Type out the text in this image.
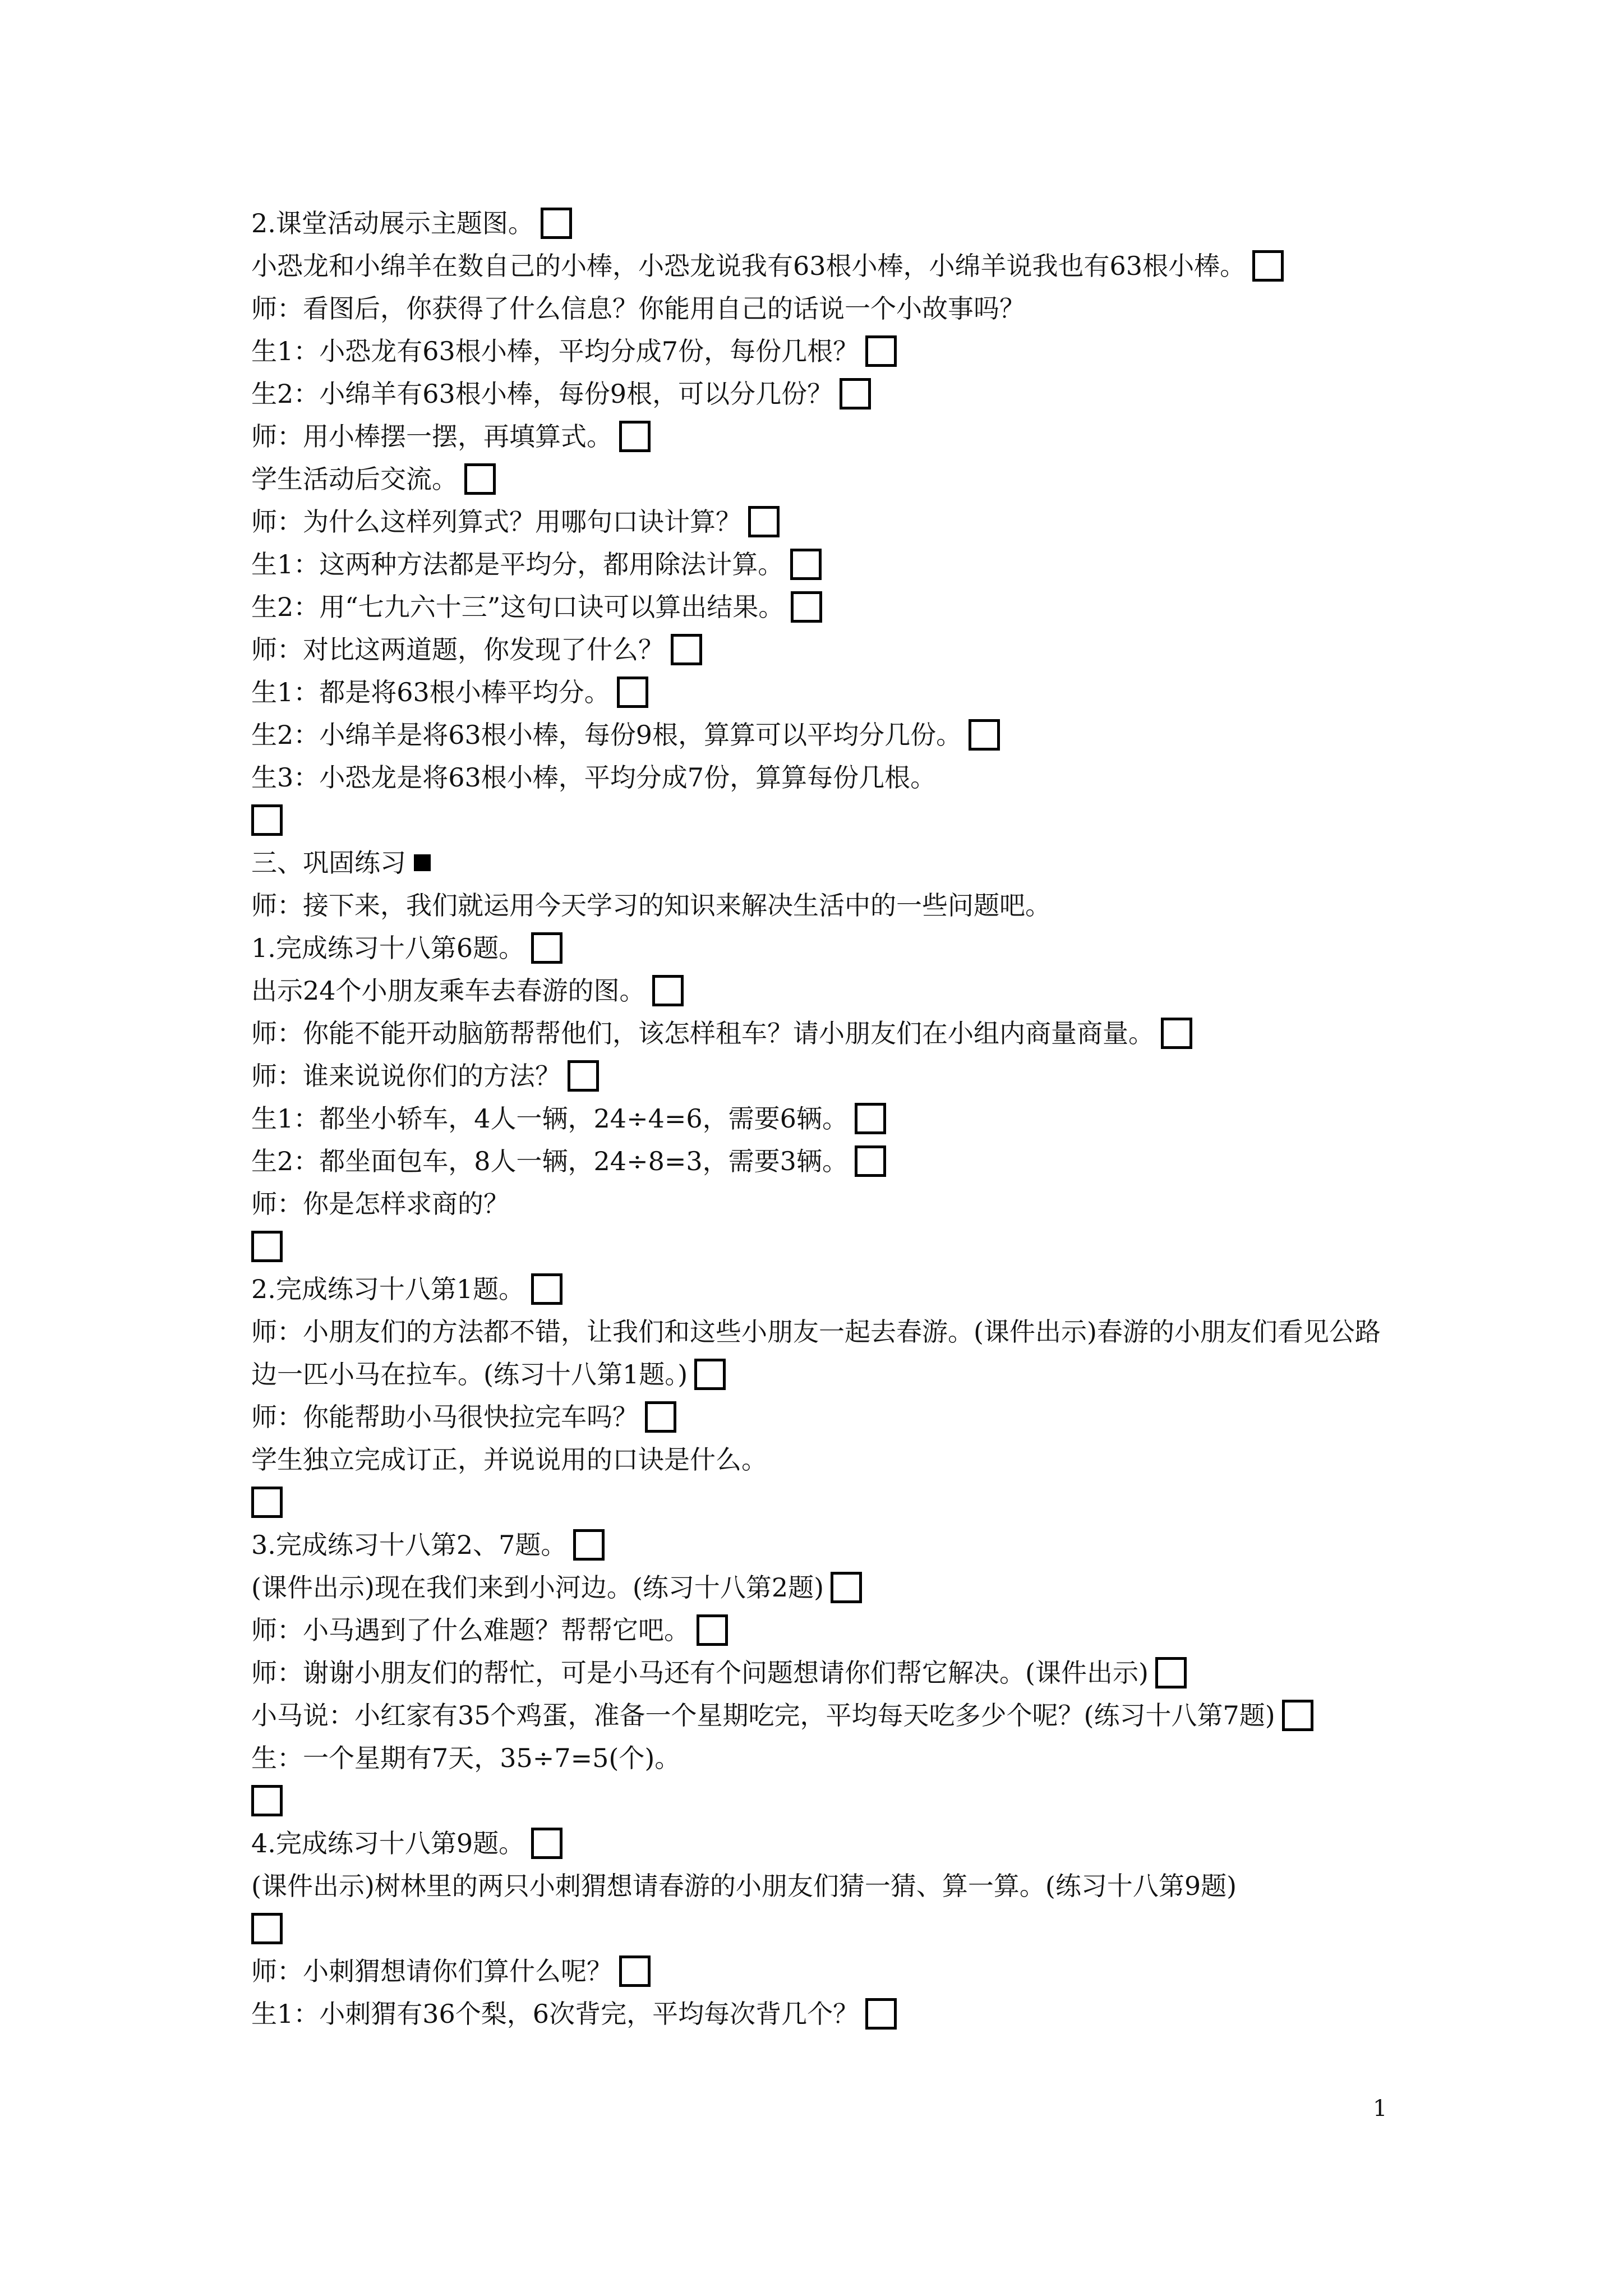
2.课堂活动展示主题图。
小恐龙和小绵羊在数自己的小棒，小恐龙说我有63根小棒，小绵羊说我也有63根小棒。
师：看图后，你获得了什么信息？你能用自己的话说一个小故事吗？
生1：小恐龙有63根小棒，平均分成7份，每份几根？
生2：小绵羊有63根小棒，每份9根，可以分几份？
师：用小棒摆一摆，再填算式。
学生活动后交流。
师：为什么这样列算式？用哪句口诀计算？
生1：这两种方法都是平均分，都用除法计算。
生2：用“七九六十三”这句口诀可以算出结果。
师：对比这两道题，你发现了什么？
生1：都是将63根小棒平均分。
生2：小绵羊是将63根小棒，每份9根，算算可以平均分几份。
生3：小恐龙是将63根小棒，平均分成7份，算算每份几根。
三、巩固练习
师：接下来，我们就运用今天学习的知识来解决生活中的一些问题吧。
1.完成练习十八第6题。
出示24个小朋友乘车去春游的图。
师：你能不能开动脑筋帮帮他们，该怎样租车？请小朋友们在小组内商量商量。
师：谁来说说你们的方法？
生1：都坐小轿车，4人一辆，24÷4=6，需要6辆。
生2：都坐面包车，8人一辆，24÷8=3，需要3辆。
师：你是怎样求商的？
2.完成练习十八第1题。
师：小朋友们的方法都不错，让我们和这些小朋友一起去春游。(课件出示)春游的小朋友们看见公路边一匹小马在拉车。(练习十八第1题。)
师：你能帮助小马很快拉完车吗？
学生独立完成订正，并说说用的口诀是什么。
3.完成练习十八第2、7题。
(课件出示)现在我们来到小河边。(练习十八第2题)
师：小马遇到了什么难题？帮帮它吧。
师：谢谢小朋友们的帮忙，可是小马还有个问题想请你们帮它解决。(课件出示)
小马说：小红家有35个鸡蛋，准备一个星期吃完，平均每天吃多少个呢？(练习十八第7题)
生：一个星期有7天，35÷7=5(个)。
4.完成练习十八第9题。
(课件出示)树林里的两只小刺猬想请春游的小朋友们猜一猜、算一算。(练习十八第9题)
师：小刺猬想请你们算什么呢？
生1：小刺猬有36个梨，6次背完，平均每次背几个？
1
